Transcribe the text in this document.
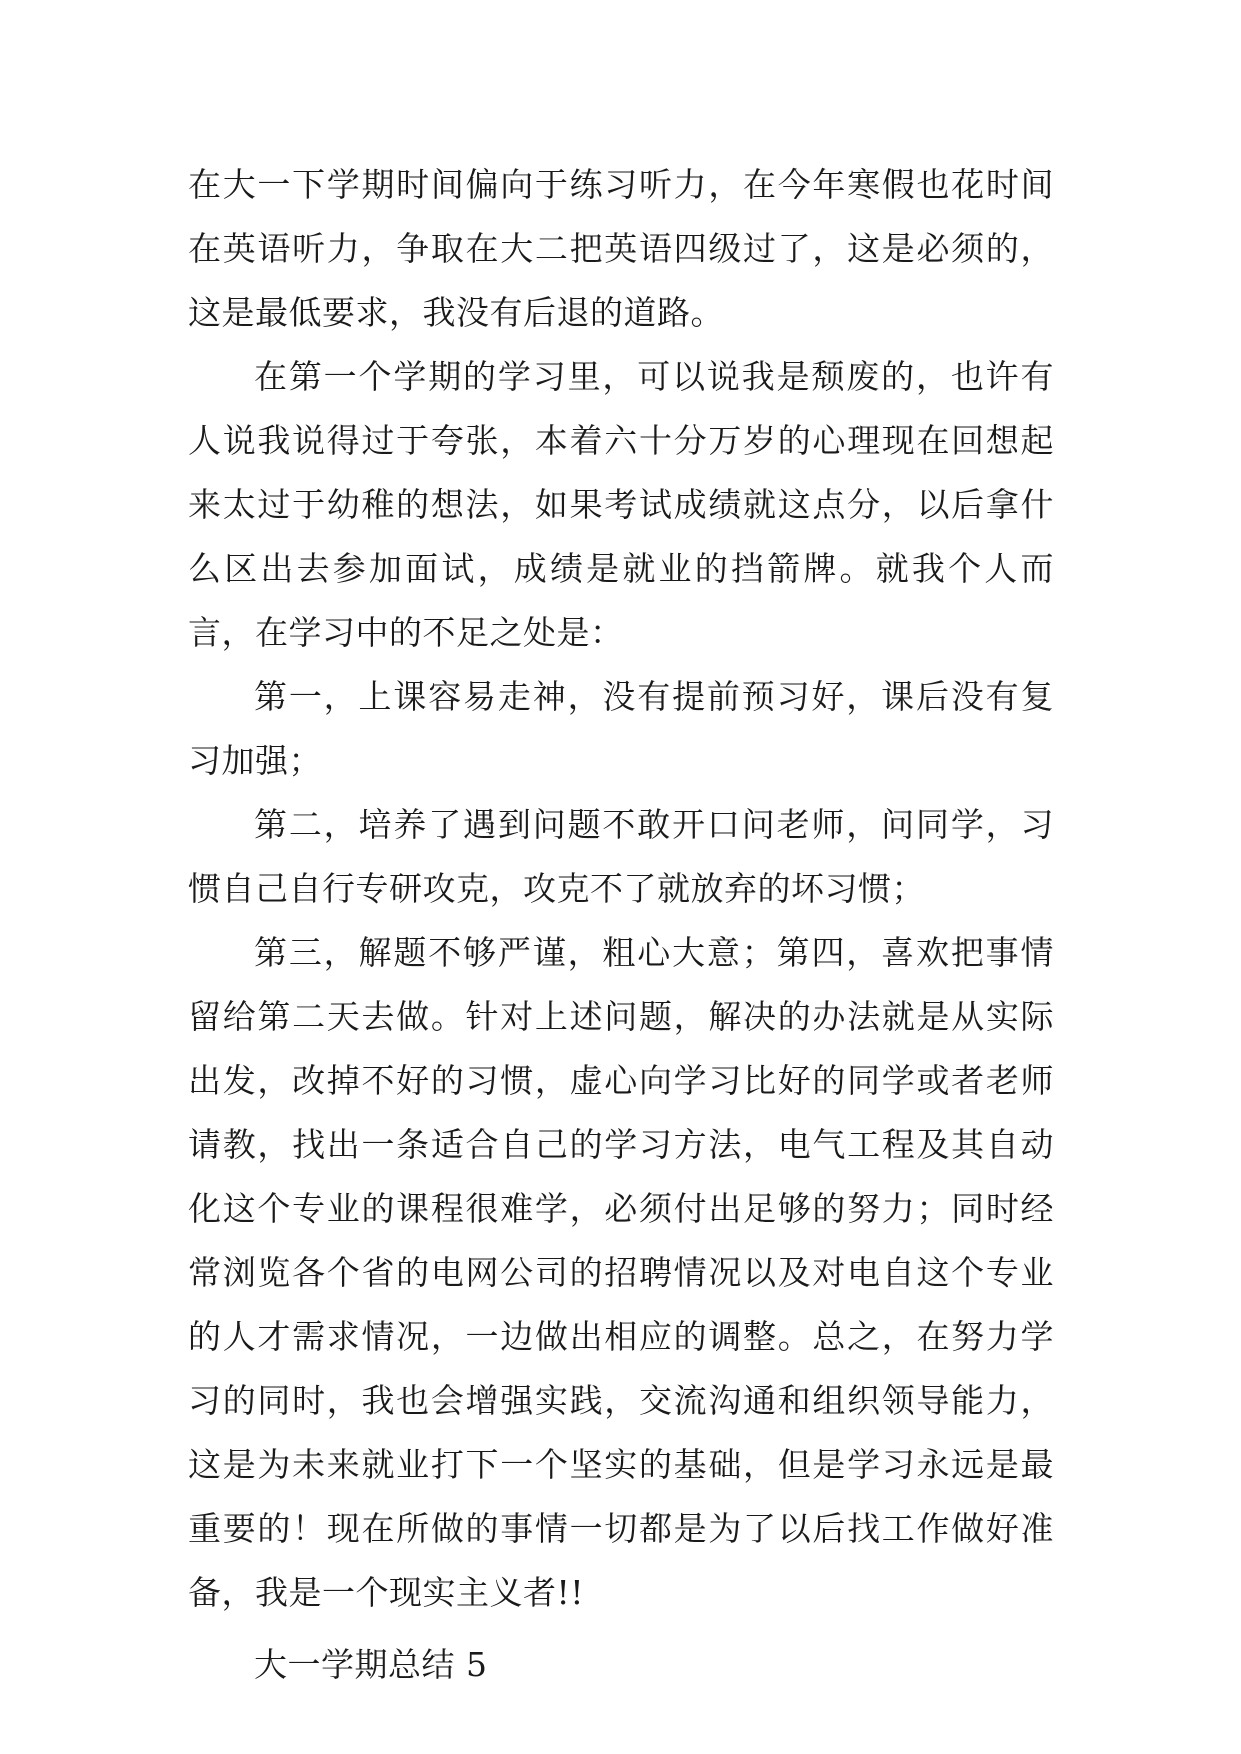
在大一下学期时间偏向于练习听力，在今年寒假也花时间在英语听力，争取在大二把英语四级过了，这是必须的，这是最低要求，我没有后退的道路。

在第一个学期的学习里，可以说我是颓废的，也许有人说我说得过于夸张，本着六十分万岁的心理现在回想起来太过于幼稚的想法，如果考试成绩就这点分，以后拿什么区出去参加面试，成绩是就业的挡箭牌。就我个人而言，在学习中的不足之处是：

第一，上课容易走神，没有提前预习好，课后没有复习加强；

第二，培养了遇到问题不敢开口问老师，问同学，习惯自己自行专研攻克，攻克不了就放弃的坏习惯；

第三，解题不够严谨，粗心大意；第四，喜欢把事情留给第二天去做。针对上述问题，解决的办法就是从实际出发，改掉不好的习惯，虚心向学习比好的同学或者老师请教，找出一条适合自己的学习方法，电气工程及其自动化这个专业的课程很难学，必须付出足够的努力；同时经常浏览各个省的电网公司的招聘情况以及对电自这个专业的人才需求情况，一边做出相应的调整。总之，在努力学习的同时，我也会增强实践，交流沟通和组织领导能力，这是为未来就业打下一个坚实的基础，但是学习永远是最重要的！现在所做的事情一切都是为了以后找工作做好准备，我是一个现实主义者!!

大一学期总结 5
